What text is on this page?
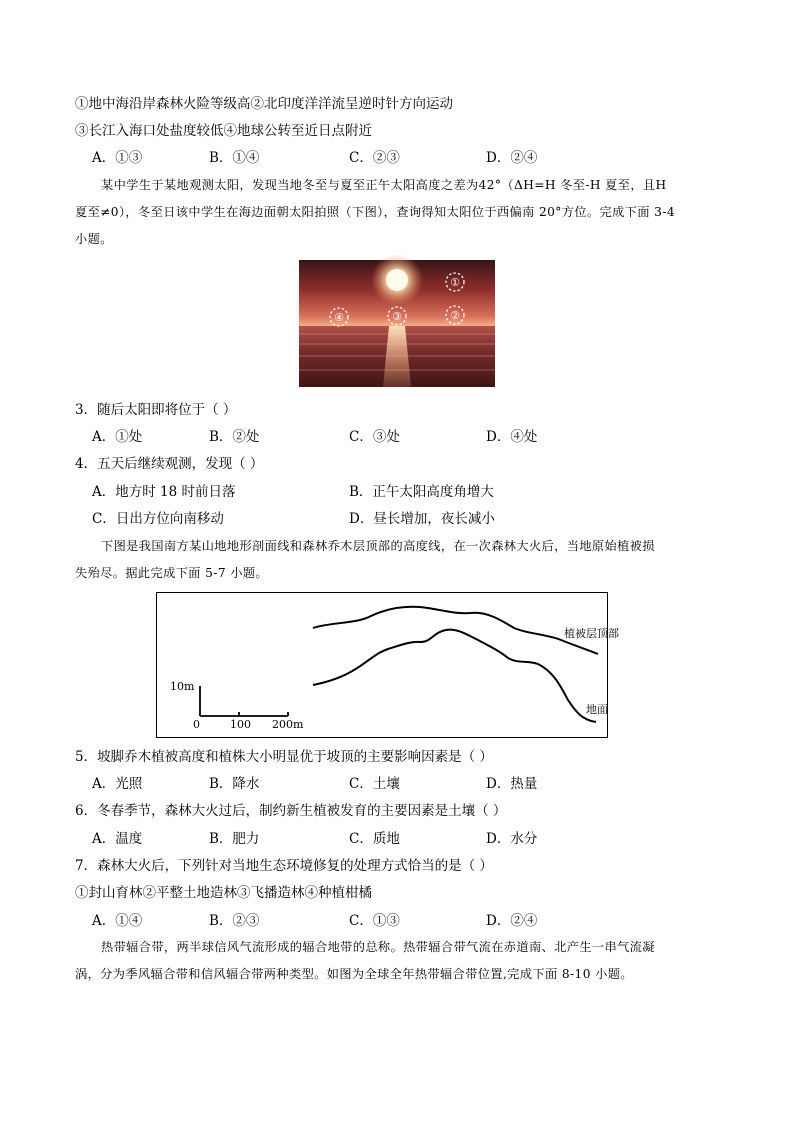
①地中海沿岸森林火险等级高②北印度洋洋流呈逆时针方向运动
③长江入海口处盐度较低④地球公转至近日点附近
A．①③	B．①④	C．②③	D．②④

某中学生于某地观测太阳，发现当地冬至与夏至正午太阳高度之差为42°（ΔH=H 冬至-H 夏至，且H

夏至≠0），冬至日该中学生在海边面朝太阳拍照（下图），查询得知太阳位于西偏南 20°方位。完成下面 3-4

小题。

①
②
③
④
3．随后太阳即将位于（ ）
A．①处	B．②处	C．③处	D．④处
4．五天后继续观测，发现（ ）
A．地方时 18 时前日落	B．正午太阳高度角增大
C．日出方位向南移动	D．昼长增加，夜长减小

下图是我国南方某山地地形剖面线和森林乔木层顶部的高度线，在一次森林大火后，当地原始植被损

失殆尽。据此完成下面 5-7 小题。

植被层顶部
地面
10m
0	100 200m
5．坡脚乔木植被高度和植株大小明显优于坡顶的主要影响因素是（ ）
A．光照	B．降水	C．土壤	D．热量
6．冬春季节，森林大火过后，制约新生植被发育的主要因素是土壤（ ）
A．温度	B．肥力	C．质地	D．水分
7．森林大火后，下列针对当地生态环境修复的处理方式恰当的是（ ）
①封山育林②平整土地造林③飞播造林④种植柑橘
A．①④	B．②③	C．①③	D．②④

热带辐合带，两半球信风气流形成的辐合地带的总称。热带辐合带气流在赤道南、北产生一串气流凝

涡，分为季风辐合带和信风辐合带两种类型。如图为全球全年热带辐合带位置,完成下面 8-10 小题。
